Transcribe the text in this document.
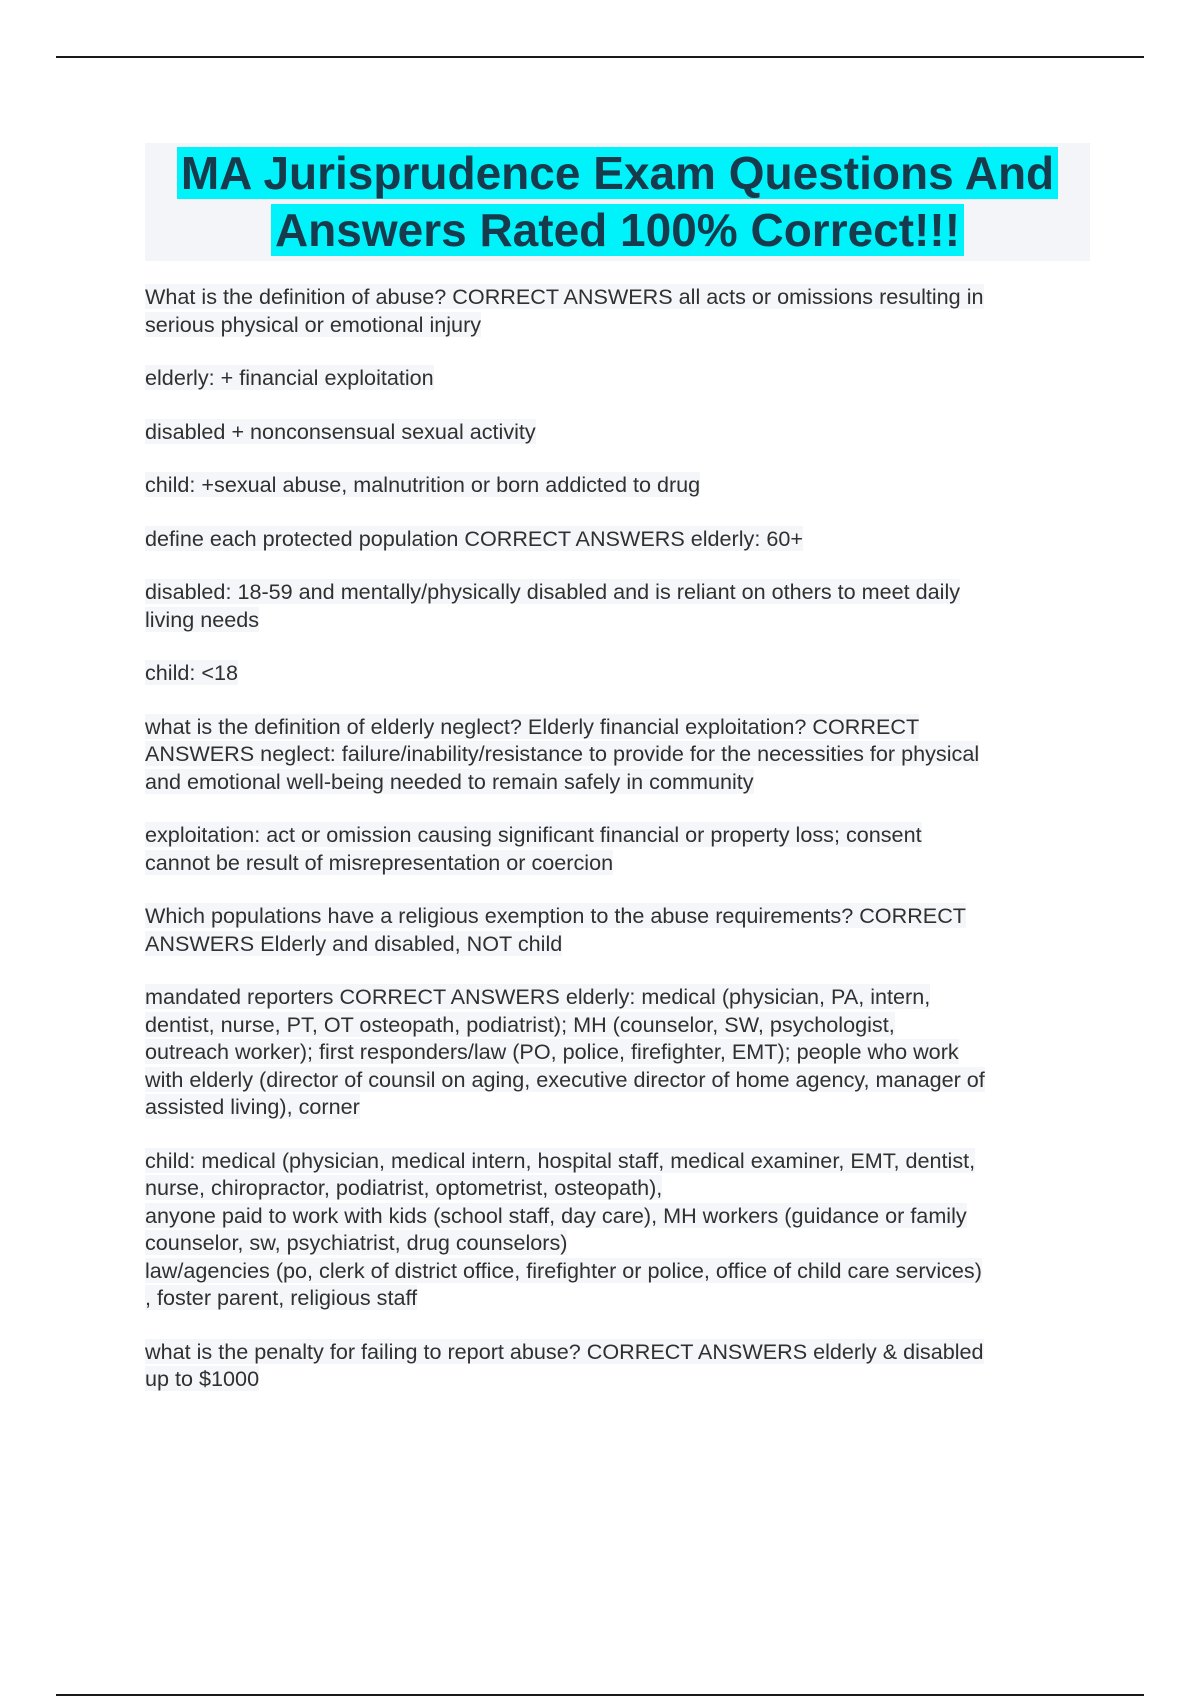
MA Jurisprudence Exam Questions And
Answers Rated 100% Correct!!!

What is the definition of abuse? CORRECT ANSWERS all acts or omissions resulting in
serious physical or emotional injury

elderly: + financial exploitation

disabled + nonconsensual sexual activity

child: +sexual abuse, malnutrition or born addicted to drug

define each protected population CORRECT ANSWERS elderly: 60+

disabled: 18-59 and mentally/physically disabled and is reliant on others to meet daily
living needs

child: <18

what is the definition of elderly neglect? Elderly financial exploitation? CORRECT
ANSWERS neglect: failure/inability/resistance to provide for the necessities for physical
and emotional well-being needed to remain safely in community

exploitation: act or omission causing significant financial or property loss; consent
cannot be result of misrepresentation or coercion

Which populations have a religious exemption to the abuse requirements? CORRECT
ANSWERS Elderly and disabled, NOT child

mandated reporters CORRECT ANSWERS elderly: medical (physician, PA, intern,
dentist, nurse, PT, OT osteopath, podiatrist); MH (counselor, SW, psychologist,
outreach worker); first responders/law (PO, police, firefighter, EMT); people who work
with elderly (director of counsil on aging, executive director of home agency, manager of
assisted living), corner

child: medical (physician, medical intern, hospital staff, medical examiner, EMT, dentist,
nurse, chiropractor, podiatrist, optometrist, osteopath),
anyone paid to work with kids (school staff, day care), MH workers (guidance or family
counselor, sw, psychiatrist, drug counselors)
law/agencies (po, clerk of district office, firefighter or police, office of child care services)
, foster parent, religious staff

what is the penalty for failing to report abuse? CORRECT ANSWERS elderly & disabled
up to $1000
